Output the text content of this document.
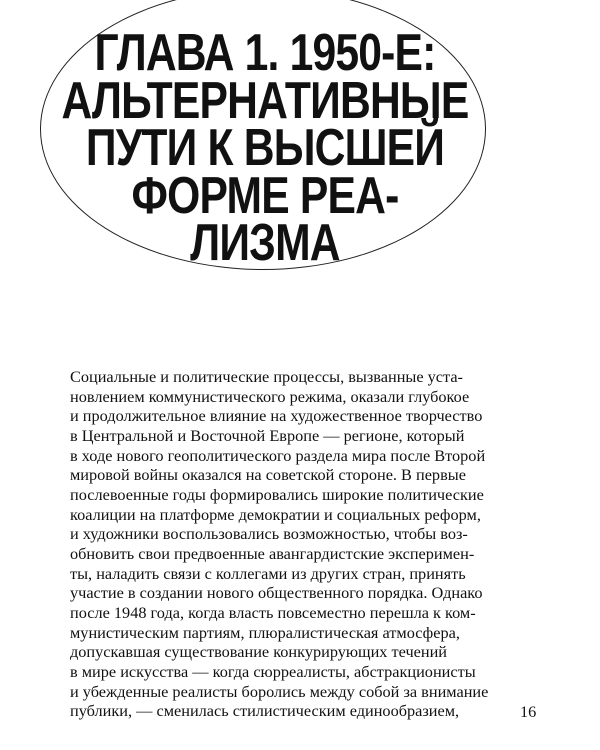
ГЛАВА 1. 1950-Е:
АЛЬТЕРНАТИВНЫЕ
ПУТИ К ВЫСШЕЙ
ФОРМЕ РЕА-
ЛИЗМА
Социальные и политические процессы, вызванные уста-
новлением коммунистического режима, оказали глубокое
и продолжительное влияние на художественное творчество
в Центральной и Восточной Европе — регионе, который
в ходе нового геополитического раздела мира после Второй
мировой войны оказался на советской стороне. В первые
послевоенные годы формировались широкие политические
коалиции на платформе демократии и социальных реформ,
и художники воспользовались возможностью, чтобы воз-
обновить свои предвоенные авангардистские эксперимен-
ты, наладить связи с коллегами из других стран, принять
участие в создании нового общественного порядка. Однако
после 1948 года, когда власть повсеместно перешла к ком-
мунистическим партиям, плюралистическая атмосфера,
допускавшая существование конкурирующих течений
в мире искусства — когда сюрреалисты, абстракционисты
и убежденные реалисты боролись между собой за внимание
публики, — сменилась стилистическим единообразием,	16
